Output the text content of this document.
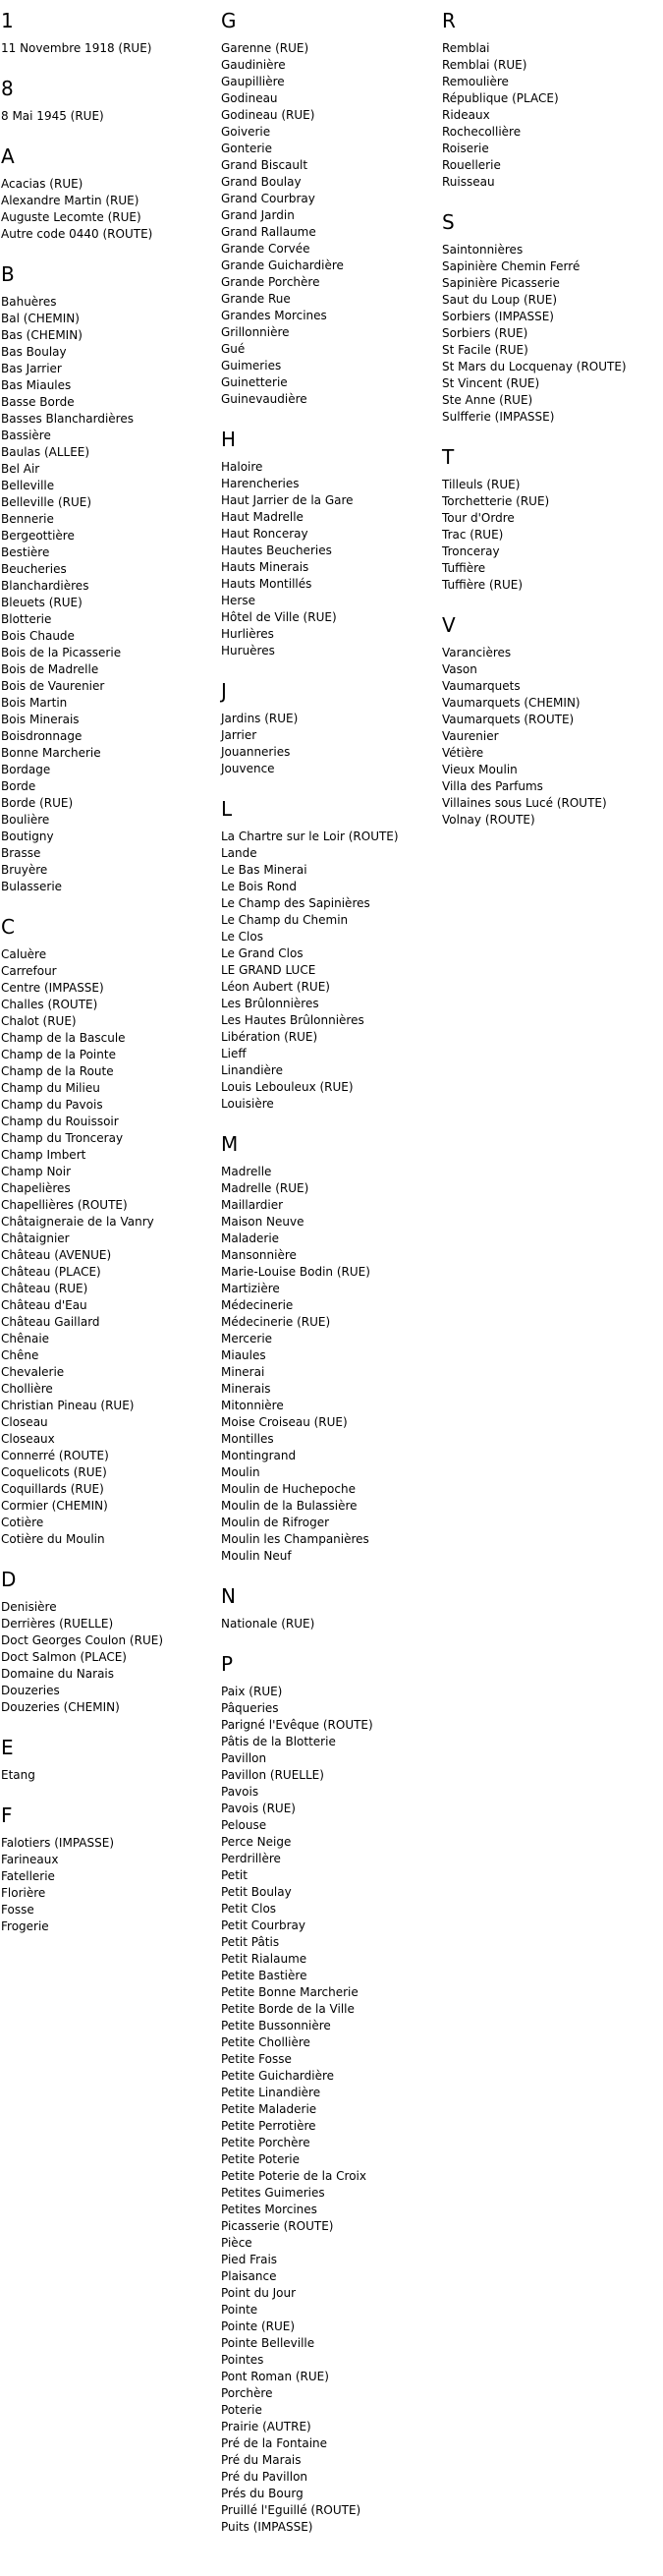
1
11 Novembre 1918 (RUE)
8
8 Mai 1945 (RUE)
A
Acacias (RUE)
Alexandre Martin (RUE)
Auguste Lecomte (RUE)
Autre code 0440 (ROUTE)
B
Bahuères
Bal (CHEMIN)
Bas (CHEMIN)
Bas Boulay
Bas Jarrier
Bas Miaules
Basse Borde
Basses Blanchardières
Bassière
Baulas (ALLEE)
Bel Air
Belleville
Belleville (RUE)
Bennerie
Bergeottière
Bestière
Beucheries
Blanchardières
Bleuets (RUE)
Blotterie
Bois Chaude
Bois de la Picasserie
Bois de Madrelle
Bois de Vaurenier
Bois Martin
Bois Minerais
Boisdronnage
Bonne Marcherie
Bordage
Borde
Borde (RUE)
Boulière
Boutigny
Brasse
Bruyère
Bulasserie
C
Caluère
Carrefour
Centre (IMPASSE)
Challes (ROUTE)
Chalot (RUE)
Champ de la Bascule
Champ de la Pointe
Champ de la Route
Champ du Milieu
Champ du Pavois
Champ du Rouissoir
Champ du Tronceray
Champ Imbert
Champ Noir
Chapelières
Chapellières (ROUTE)
Châtaigneraie de la Vanry
Châtaignier
Château (AVENUE)
Château (PLACE)
Château (RUE)
Château d'Eau
Château Gaillard
Chênaie
Chêne
Chevalerie
Chollière
Christian Pineau (RUE)
Closeau
Closeaux
Connerré (ROUTE)
Coquelicots (RUE)
Coquillards (RUE)
Cormier (CHEMIN)
Cotière
Cotière du Moulin
D
Denisière
Derrières (RUELLE)
Doct Georges Coulon (RUE)
Doct Salmon (PLACE)
Domaine du Narais
Douzeries
Douzeries (CHEMIN)
E
Etang
F
Falotiers (IMPASSE)
Farineaux
Fatellerie
Florière
Fosse
Frogerie
G
Garenne (RUE)
Gaudinière
Gaupillière
Godineau
Godineau (RUE)
Goiverie
Gonterie
Grand Biscault
Grand Boulay
Grand Courbray
Grand Jardin
Grand Rallaume
Grande Corvée
Grande Guichardière
Grande Porchère
Grande Rue
Grandes Morcines
Grillonnière
Gué
Guimeries
Guinetterie
Guinevaudière
H
Haloire
Harencheries
Haut Jarrier de la Gare
Haut Madrelle
Haut Ronceray
Hautes Beucheries
Hauts Minerais
Hauts Montillés
Herse
Hôtel de Ville (RUE)
Hurlières
Huruères
J
Jardins (RUE)
Jarrier
Jouanneries
Jouvence
L
La Chartre sur le Loir (ROUTE)
Lande
Le Bas Minerai
Le Bois Rond
Le Champ des Sapinières
Le Champ du Chemin
Le Clos
Le Grand Clos
LE GRAND LUCE
Léon Aubert (RUE)
Les Brûlonnières
Les Hautes Brûlonnières
Libération (RUE)
Lieff
Linandière
Louis Lebouleux (RUE)
Louisière
M
Madrelle
Madrelle (RUE)
Maillardier
Maison Neuve
Maladerie
Mansonnière
Marie-Louise Bodin (RUE)
Martizière
Médecinerie
Médecinerie (RUE)
Mercerie
Miaules
Minerai
Minerais
Mitonnière
Moise Croiseau (RUE)
Montilles
Montingrand
Moulin
Moulin de Huchepoche
Moulin de la Bulassière
Moulin de Rifroger
Moulin les Champanières
Moulin Neuf
N
Nationale (RUE)
P
Paix (RUE)
Pâqueries
Parigné l'Evêque (ROUTE)
Pâtis de la Blotterie
Pavillon
Pavillon (RUELLE)
Pavois
Pavois (RUE)
Pelouse
Perce Neige
Perdrillère
Petit
Petit Boulay
Petit Clos
Petit Courbray
Petit Pâtis
Petit Rialaume
Petite Bastière
Petite Bonne Marcherie
Petite Borde de la Ville
Petite Bussonnière
Petite Chollière
Petite Fosse
Petite Guichardière
Petite Linandière
Petite Maladerie
Petite Perrotière
Petite Porchère
Petite Poterie
Petite Poterie de la Croix
Petites Guimeries
Petites Morcines
Picasserie (ROUTE)
Pièce
Pied Frais
Plaisance
Point du Jour
Pointe
Pointe (RUE)
Pointe Belleville
Pointes
Pont Roman (RUE)
Porchère
Poterie
Prairie (AUTRE)
Pré de la Fontaine
Pré du Marais
Pré du Pavillon
Prés du Bourg
Pruillé l'Eguillé (ROUTE)
Puits (IMPASSE)
R
Remblai
Remblai (RUE)
Remoulière
République (PLACE)
Rideaux
Rochecollière
Roiserie
Rouellerie
Ruisseau
S
Saintonnières
Sapinière Chemin Ferré
Sapinière Picasserie
Saut du Loup (RUE)
Sorbiers (IMPASSE)
Sorbiers (RUE)
St Facile (RUE)
St Mars du Locquenay (ROUTE)
St Vincent (RUE)
Ste Anne (RUE)
Sulfferie (IMPASSE)
T
Tilleuls (RUE)
Torchetterie (RUE)
Tour d'Ordre
Trac (RUE)
Tronceray
Tuffière
Tuffière (RUE)
V
Varancières
Vason
Vaumarquets
Vaumarquets (CHEMIN)
Vaumarquets (ROUTE)
Vaurenier
Vétière
Vieux Moulin
Villa des Parfums
Villaines sous Lucé (ROUTE)
Volnay (ROUTE)
